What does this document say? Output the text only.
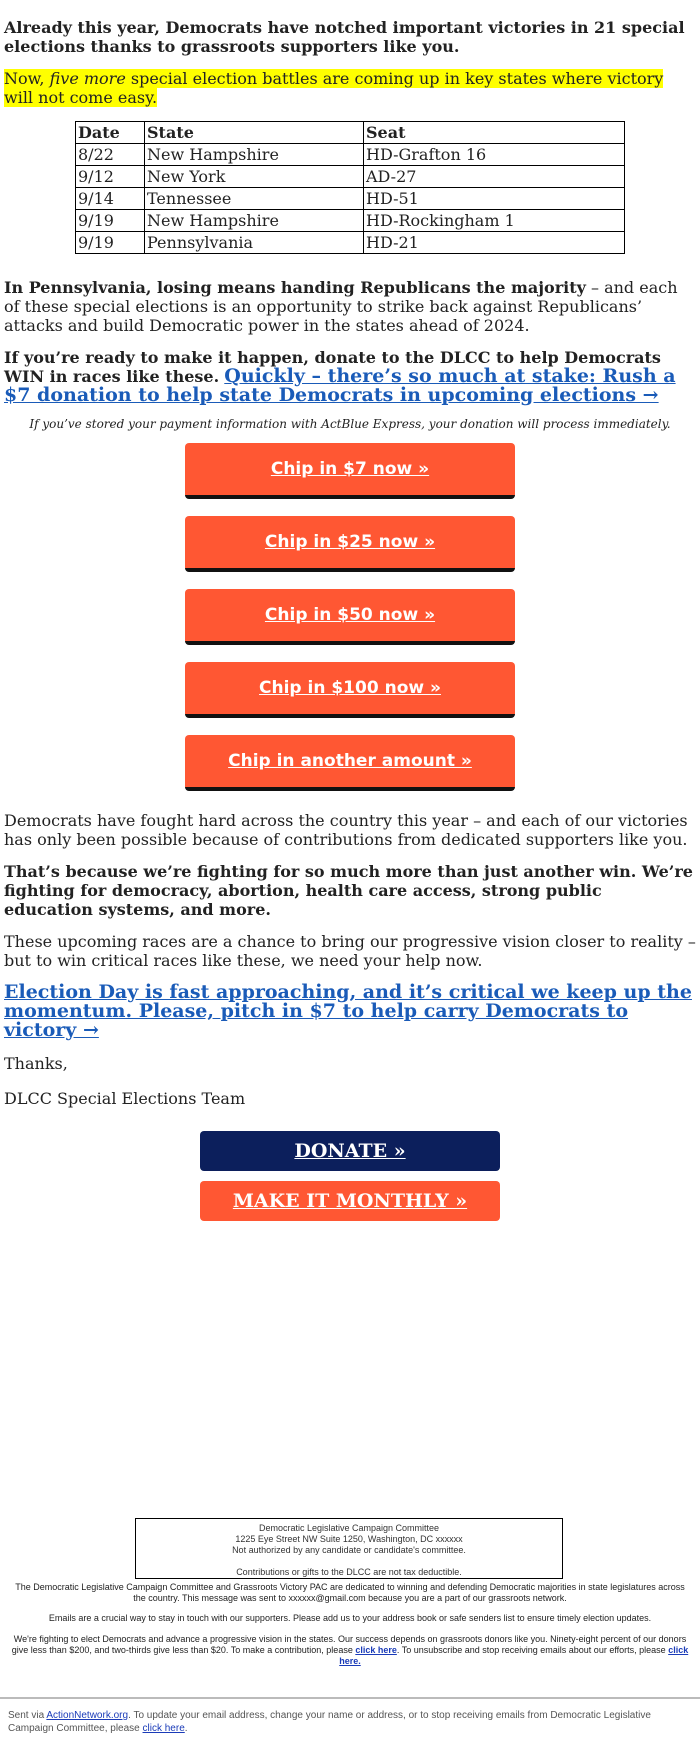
Already this year, Democrats have notched important victories in 21 special elections thanks to grassroots supporters like you.

Now, five more special election battles are coming up in key states where victory will not come easy.

Date	State	Seat
8/22	New Hampshire	HD-Grafton 16
9/12	New York	AD-27
9/14	Tennessee	HD-51
9/19	New Hampshire	HD-Rockingham 1
9/19	Pennsylvania	HD-21

In Pennsylvania, losing means handing Republicans the majority – and each of these special elections is an opportunity to strike back against Republicans’ attacks and build Democratic power in the states ahead of 2024.

If you’re ready to make it happen, donate to the DLCC to help Democrats WIN in races like these. Quickly – there’s so much at stake: Rush a $7 donation to help state Democrats in upcoming elections →

If you’ve stored your payment information with ActBlue Express, your donation will process immediately.

Chip in $7 now »
Chip in $25 now »
Chip in $50 now »
Chip in $100 now »
Chip in another amount »

Democrats have fought hard across the country this year – and each of our victories has only been possible because of contributions from dedicated supporters like you.

That’s because we’re fighting for so much more than just another win. We’re fighting for democracy, abortion, health care access, strong public education systems, and more.

These upcoming races are a chance to bring our progressive vision closer to reality – but to win critical races like these, we need your help now.

Election Day is fast approaching, and it’s critical we keep up the momentum. Please, pitch in $7 to help carry Democrats to victory →

Thanks,

DLCC Special Elections Team

DONATE »
MAKE IT MONTHLY »
Democratic Legislative Campaign Committee
1225 Eye Street NW Suite 1250, Washington, DC xxxxxx
Not authorized by any candidate or candidate's committee.
Contributions or gifts to the DLCC are not tax deductible.
The Democratic Legislative Campaign Committee and Grassroots Victory PAC are dedicated to winning and defending Democratic majorities in state legislatures across the country. This message was sent to xxxxxx@gmail.com because you are a part of our grassroots network.
Emails are a crucial way to stay in touch with our supporters. Please add us to your address book or safe senders list to ensure timely election updates.
We're fighting to elect Democrats and advance a progressive vision in the states. Our success depends on grassroots donors like you. Ninety-eight percent of our donors give less than $200, and two-thirds give less than $20. To make a contribution, please click here. To unsubscribe and stop receiving emails about our efforts, please click here.
Sent via ActionNetwork.org. To update your email address, change your name or address, or to stop receiving emails from Democratic Legislative Campaign Committee, please click here.
